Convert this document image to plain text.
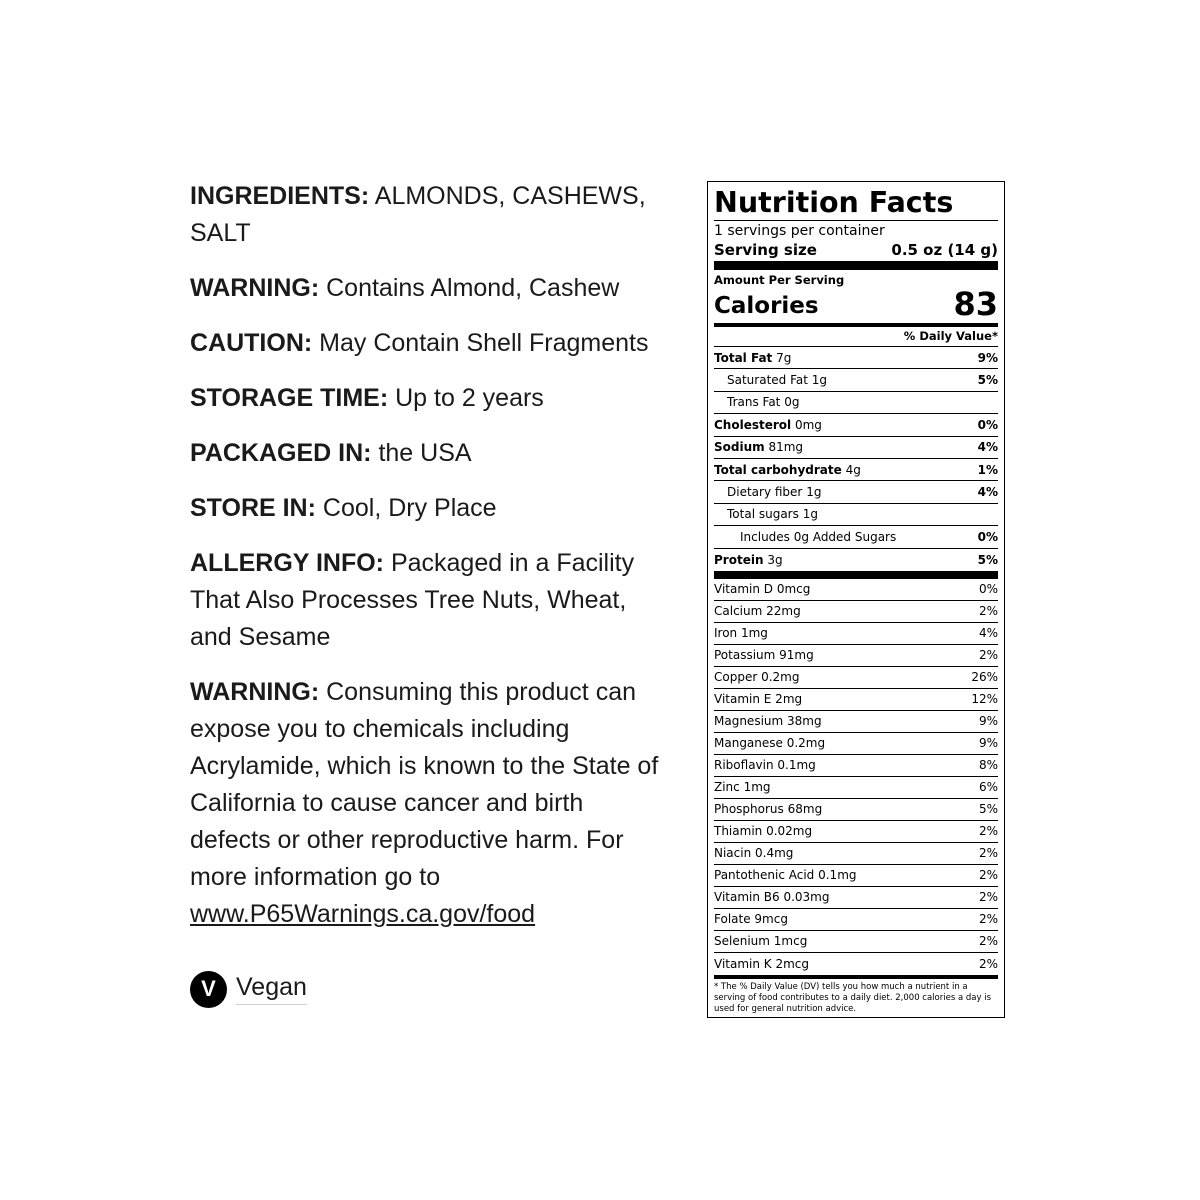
INGREDIENTS: ALMONDS, CASHEWS, SALT
WARNING: Contains Almond, Cashew
CAUTION: May Contain Shell Fragments
STORAGE TIME: Up to 2 years
PACKAGED IN: the USA
STORE IN: Cool, Dry Place
ALLERGY INFO: Packaged in a Facility That Also Processes Tree Nuts, Wheat, and Sesame
WARNING: Consuming this product can expose you to chemicals including Acrylamide, which is known to the State of California to cause cancer and birth defects or other reproductive harm. For more information go to www.P65Warnings.ca.gov/food
V Vegan
Nutrition Facts
1 servings per container
Serving size	0.5 oz (14 g)
Amount Per Serving
Calories	83
% Daily Value*
Total Fat 7g	9%
Saturated Fat 1g	5%
Trans Fat 0g
Cholesterol 0mg	0%
Sodium 81mg	4%
Total carbohydrate 4g	1%
Dietary fiber 1g	4%
Total sugars 1g
Includes 0g Added Sugars	0%
Protein 3g	5%
Vitamin D 0mcg	0%
Calcium 22mg	2%
Iron 1mg	4%
Potassium 91mg	2%
Copper 0.2mg	26%
Vitamin E 2mg	12%
Magnesium 38mg	9%
Manganese 0.2mg	9%
Riboflavin 0.1mg	8%
Zinc 1mg	6%
Phosphorus 68mg	5%
Thiamin 0.02mg	2%
Niacin 0.4mg	2%
Pantothenic Acid 0.1mg	2%
Vitamin B6 0.03mg	2%
Folate 9mcg	2%
Selenium 1mcg	2%
Vitamin K 2mcg	2%
* The % Daily Value (DV) tells you how much a nutrient in a serving of food contributes to a daily diet. 2,000 calories a day is used for general nutrition advice.
